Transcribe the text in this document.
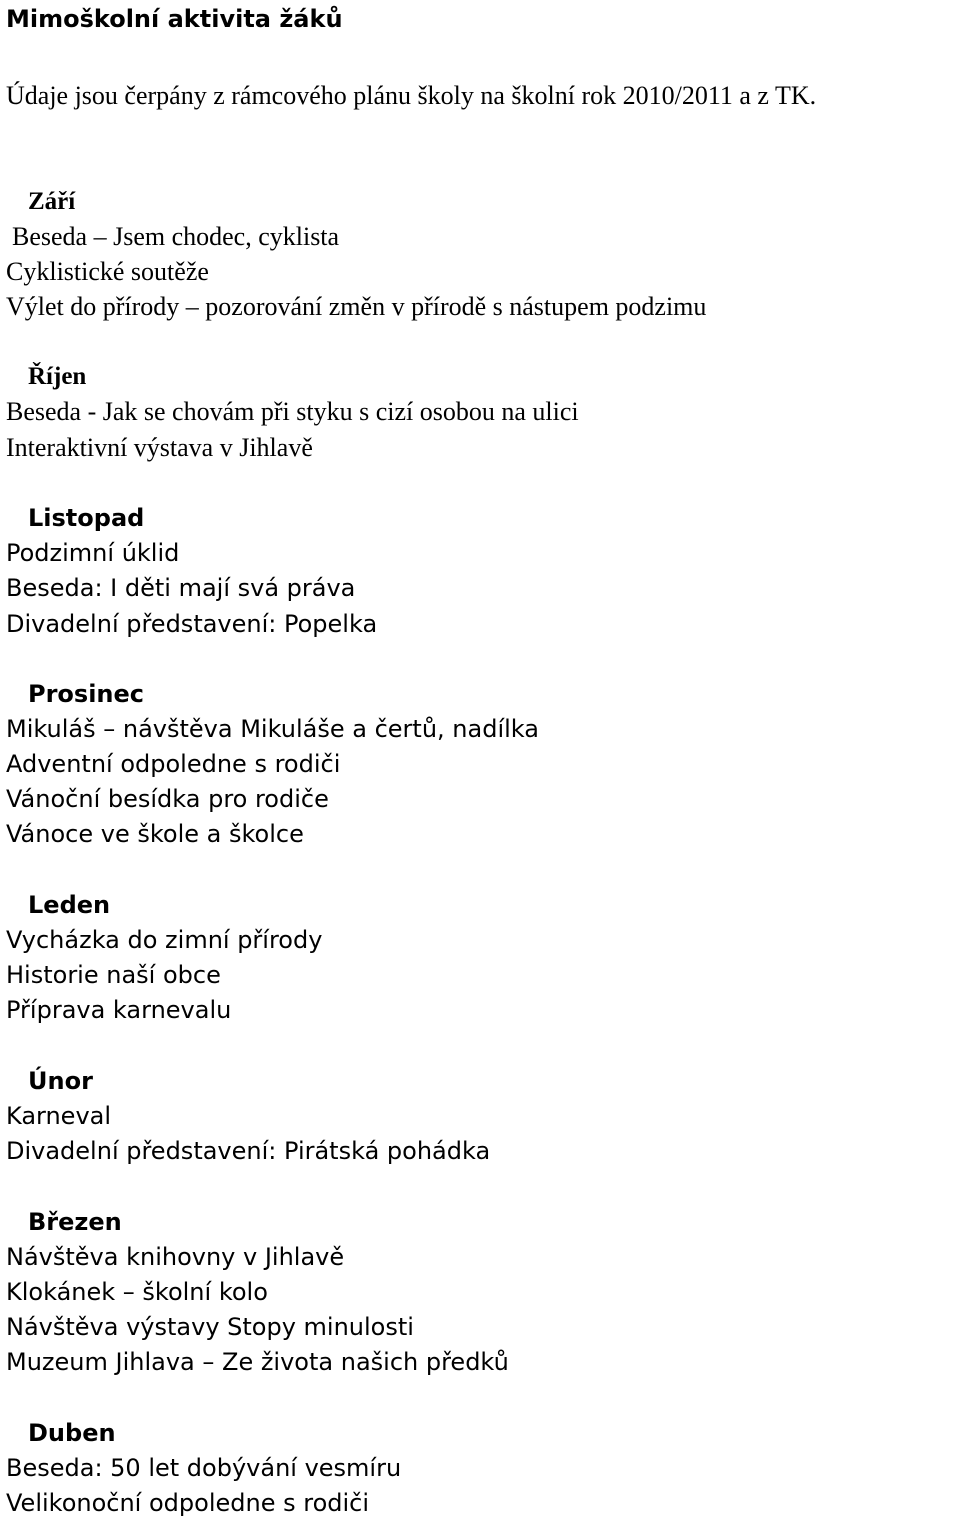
Mimoškolní aktivita žáků
Údaje jsou čerpány z rámcového plánu školy na školní rok 2010/2011 a z TK.
Září
Beseda – Jsem chodec, cyklista
Cyklistické soutěže
Výlet do přírody – pozorování změn v přírodě s nástupem podzimu
Říjen
Beseda - Jak se chovám při styku s cizí osobou na ulici
Interaktivní výstava v Jihlavě
Listopad
Podzimní úklid
Beseda: I děti mají svá práva
Divadelní představení: Popelka
Prosinec
Mikuláš – návštěva Mikuláše a čertů, nadílka
Adventní odpoledne s rodiči
Vánoční besídka pro rodiče
Vánoce ve škole a školce
Leden
Vycházka do zimní přírody
Historie naší obce
Příprava karnevalu
Únor
Karneval
Divadelní představení: Pirátská pohádka
Březen
Návštěva knihovny v Jihlavě
Klokánek – školní kolo
Návštěva výstavy Stopy minulosti
Muzeum Jihlava – Ze života našich předků
Duben
Beseda: 50 let dobývání vesmíru
Velikonoční odpoledne s rodiči
